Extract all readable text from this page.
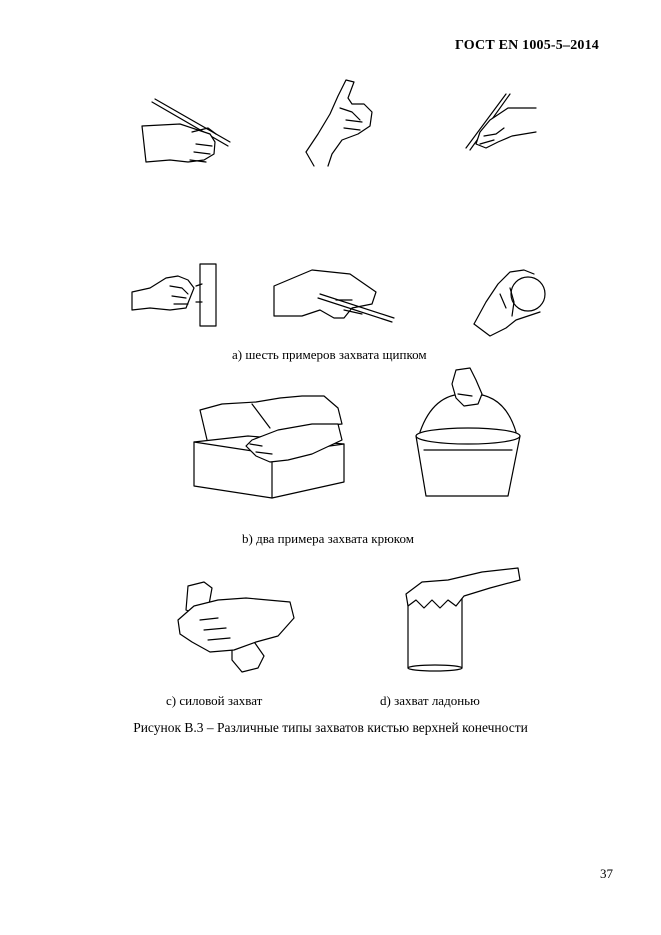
ГОСТ EN 1005-5–2014
а) шесть примеров захвата щипком
b) два примера захвата крюком
c) силовой захват	d) захват ладонью
Рисунок В.3 – Различные типы захватов кистью верхней конечности
37
